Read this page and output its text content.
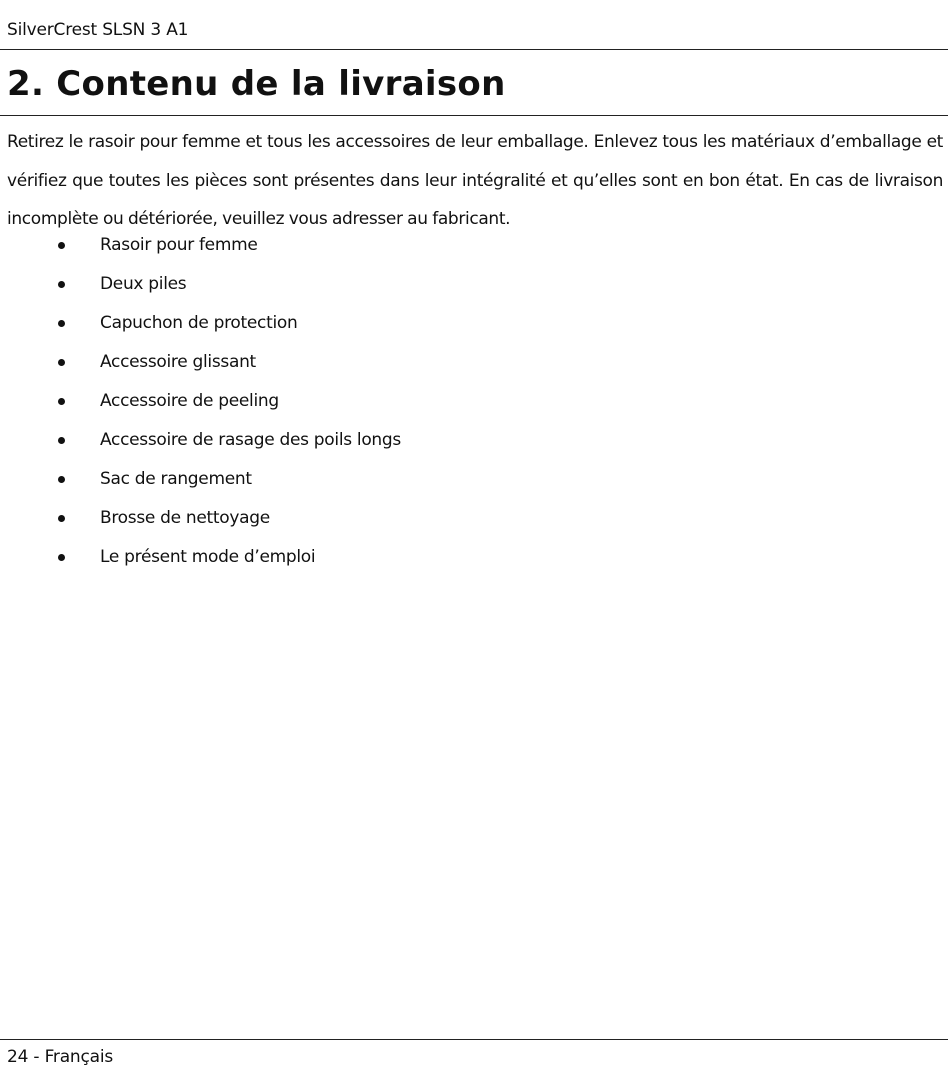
SilverCrest SLSN 3 A1
2. Contenu de la livraison

Retirez le rasoir pour femme et tous les accessoires de leur emballage. Enlevez tous les matériaux d’emballage et vérifiez que toutes les pièces sont présentes dans leur intégralité et qu’elles sont en bon état. En cas de livraison incomplète ou détériorée, veuillez vous adresser au fabricant.

Rasoir pour femme
Deux piles
Capuchon de protection
Accessoire glissant
Accessoire de peeling
Accessoire de rasage des poils longs
Sac de rangement
Brosse de nettoyage
Le présent mode d’emploi
24 - Français
